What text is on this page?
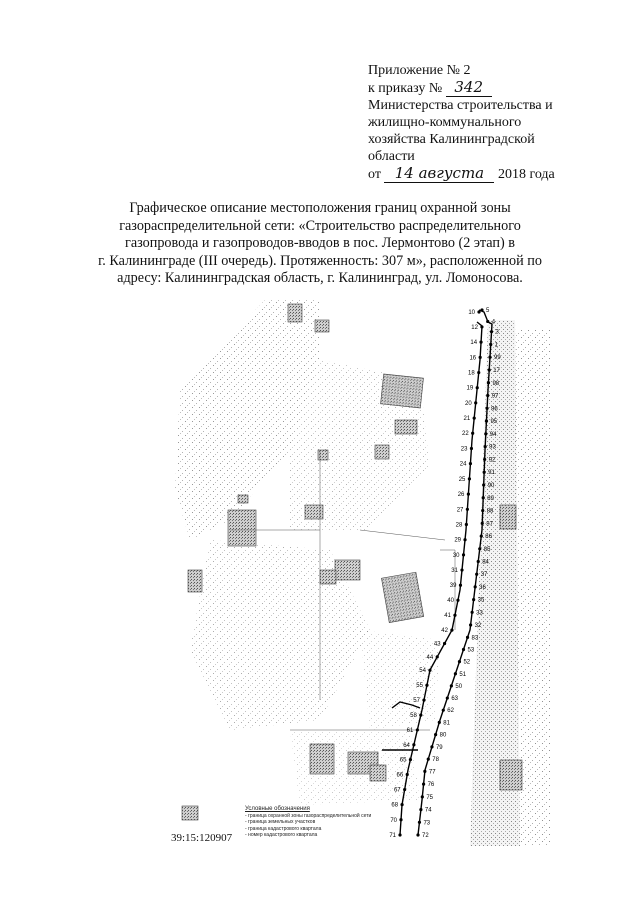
Приложение № 2
к приказу № 342
Министерства строительства и
жилищно-коммунального
хозяйства Калининградской
области
от 14 августа 2018 года
Графическое описание местоположения границ охранной зоны
газораспределительной сети: «Строительство распределительного
газопровода и газопроводов-вводов в пос. Лермонтово (2 этап) в
г. Калининграде (III очередь). Протяженность: 307 м», расположенной по
адресу: Калининградская область, г. Калининград, ул. Ломоносова.
10
12
14
16
18
19
20
21
22
23
24
25
26
27
28
29
30
31
39
40
41
42
43
44
54
55
57
58
61
64
65
66
67
68
70
71
5
4
3
1
99
17
98
97
96
95
94
93
92
91
90
89
88
87
86
85
84
37
36
35
33
32
83
53
52
51
50
63
62
81
80
79
78
77
76
75
74
73
72
Условные обозначения
- граница охранной зоны газораспределительной сети
- граница земельных участков
- граница кадастрового квартала
- номер кадастрового квартала
39:15:120907
